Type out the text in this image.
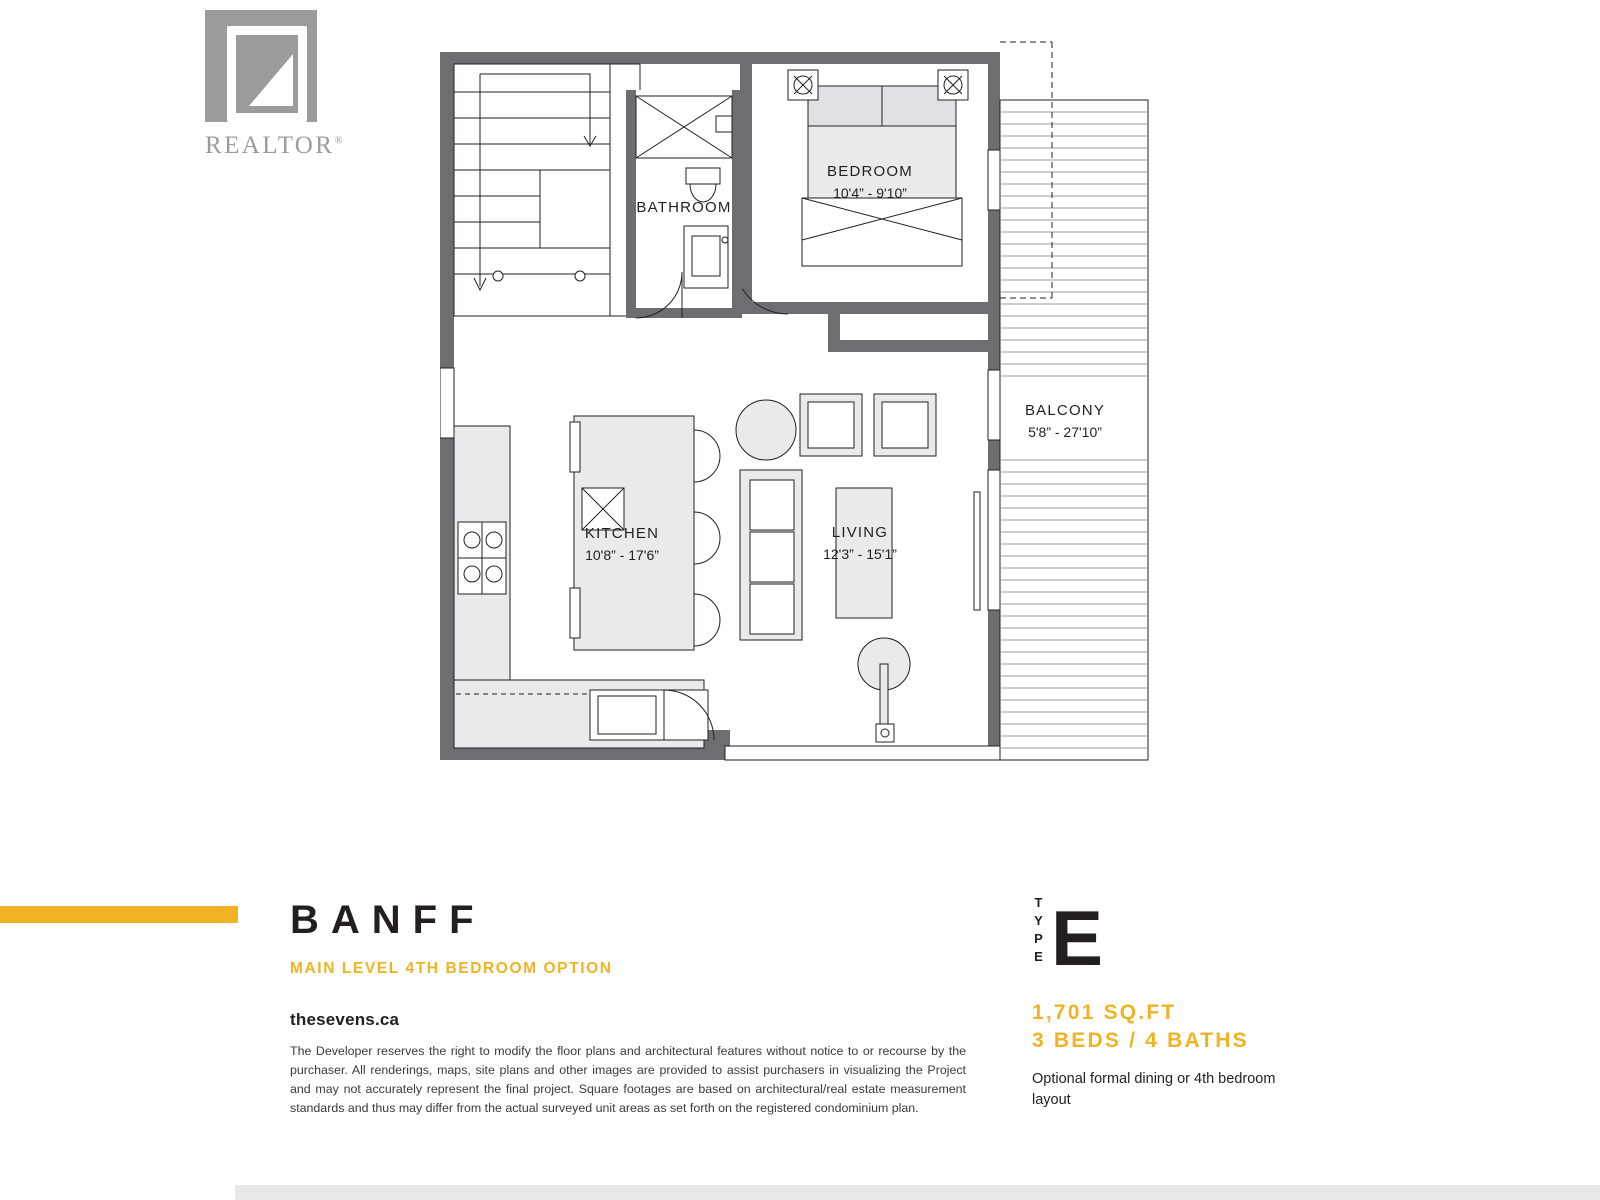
REALTOR®
BEDROOM
10'4” - 9'10”
BATHROOM
KITCHEN
10'8” - 17'6”
LIVING
12'3” - 15'1”
BALCONY
5'8” - 27'10”
BANFF
MAIN LEVEL 4TH BEDROOM OPTION
thesevens.ca
The Developer reserves the right to modify the floor plans and architectural features without notice to or recourse by the purchaser. All renderings, maps, site plans and other images are provided to assist purchasers in visualizing the Project and may not accurately represent the final project. Square footages are based on architectural/real estate measurement standards and thus may differ from the actual surveyed unit areas as set forth on the registered condominium plan.
TYPE E
1,701 SQ.FT
3 BEDS / 4 BATHS
Optional formal dining or 4th bedroom layout
